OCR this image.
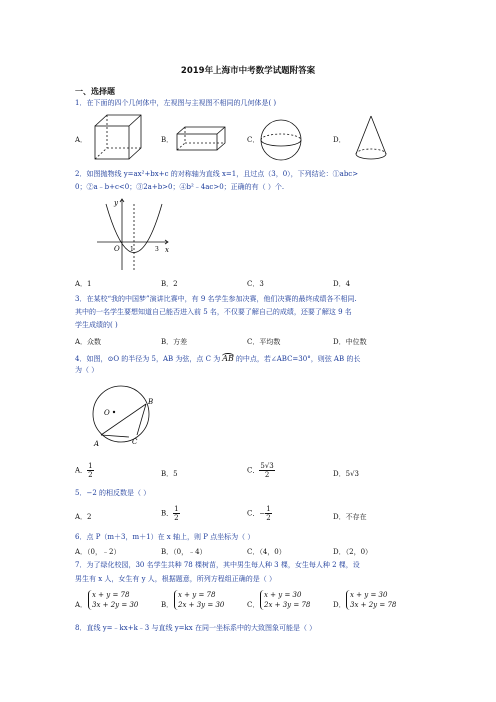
2019年上海市中考数学试题附答案
一、选择题
1．在下面的四个几何体中，左视图与主视图不相同的几何体是( )
A．	B．	C．	D．
2．如图抛物线 y=ax²+bx+c 的对称轴为直线 x=1，且过点（3，0），下列结论：①abc>
0；②a﹣b+c<0；③2a+b>0；④b²﹣4ac>0；正确的有（ ）个.
y
x
O 1	3
A．1	B．2	C．3	D．4
3．在某校“我的中国梦”演讲比赛中，有 9 名学生参加决赛，他们决赛的最终成绩各不相同.
其中的一名学生要想知道自己能否进入前 5 名，不仅要了解自己的成绩，还要了解这 9 名
学生成绩的( )
A．众数	B．方差	C．平均数	D．中位数
4．如图，⊙O 的半径为 5，AB 为弦，点 C 为 AB 的中点，若∠ABC=30°，则弦 AB 的长
为（ ）
O
B
C
A
A． $\frac{1}{2}$	B．5	C． $\frac{5√3}{2}$	D．5√3
5．−2 的相反数是（ ）
A．2	B． $\frac{1}{2}$	C．− $\frac{1}{2}$	D．不存在
6．点 P（m＋3，m＋1）在 x 轴上，则 P 点坐标为（ ）
A．（0，﹣2）	B．（0，﹣4）	C．（4，0）	D．（2，0）
7．为了绿化校园，30 名学生共种 78 棵树苗，其中男生每人种 3 棵，女生每人种 2 棵，设
男生有 x 人，女生有 y 人，根据题意，所列方程组正确的是（ ）
A．
x + y = 78
3x + 2y = 30	B．
x + y = 78
2x + 3y = 30	C．
x + y = 30
2x + 3y = 78	D．
x + y = 30
3x + 2y = 78
8．直线 y=﹣kx+k﹣3 与直线 y=kx 在同一坐标系中的大致图象可能是（ ）
